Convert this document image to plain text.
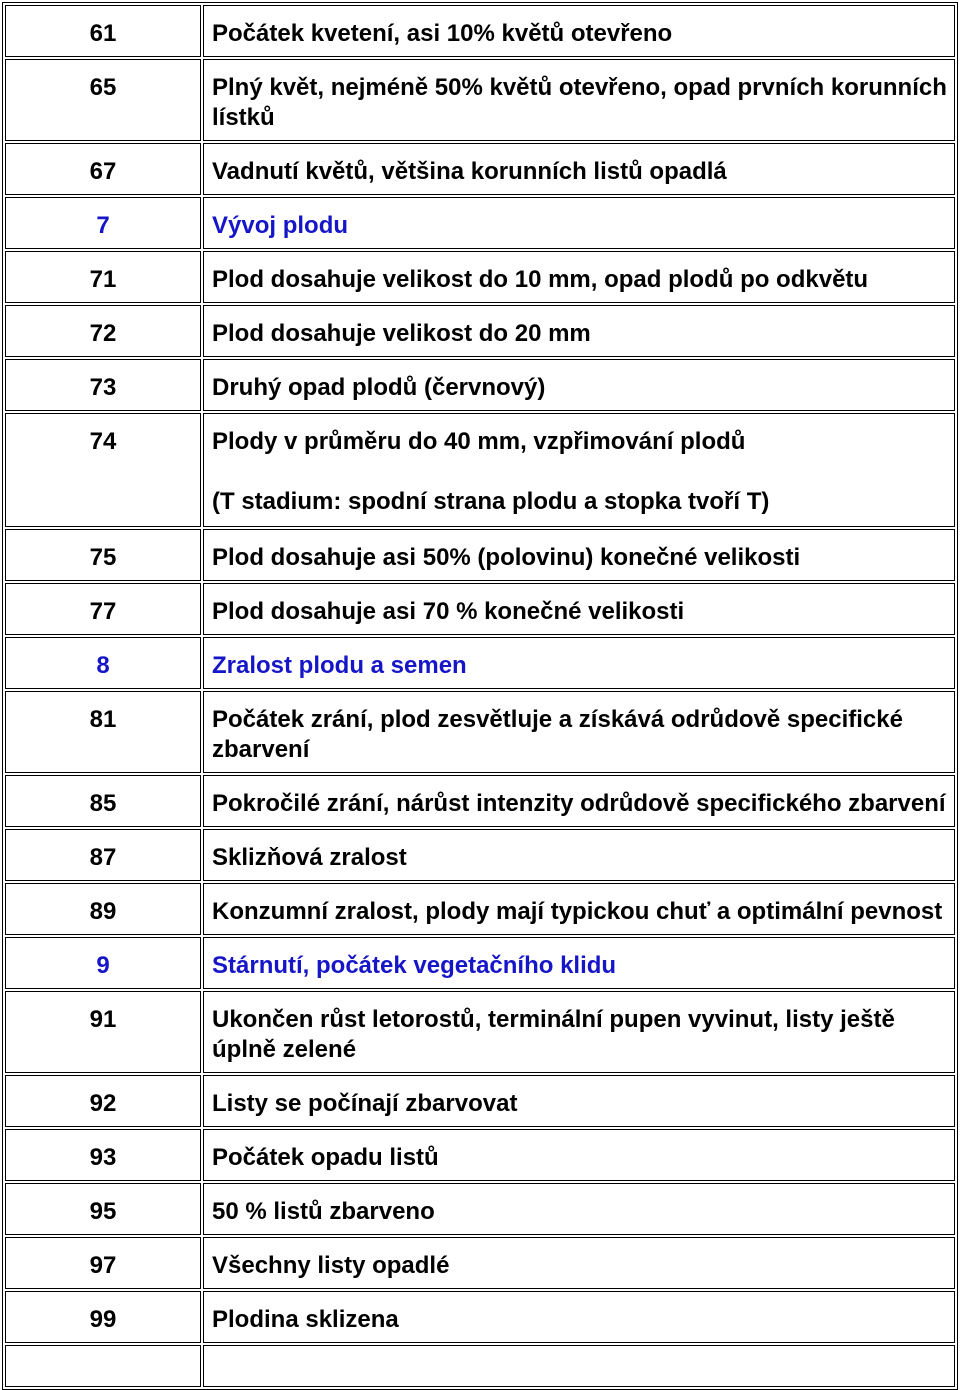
61	Počátek kvetení, asi 10% květů otevřeno
65	Plný květ, nejméně 50% květů otevřeno, opad prvních korunních lístků
67	Vadnutí květů, většina korunních listů opadlá
7	Vývoj plodu
71	Plod dosahuje velikost do 10 mm, opad plodů po odkvětu
72	Plod dosahuje velikost do 20 mm
73	Druhý opad plodů (červnový)
74	Plody v průměru do 40 mm, vzpřimování plodů
(T stadium: spodní strana plodu a stopka tvoří T)

75	Plod dosahuje asi 50% (polovinu) konečné velikosti
77	Plod dosahuje asi 70 % konečné velikosti
8	Zralost plodu a semen
81	Počátek zrání, plod zesvětluje a získává odrůdově specifické zbarvení
85	Pokročilé zrání, nárůst intenzity odrůdově specifického zbarvení
87	Sklizňová zralost
89	Konzumní zralost, plody mají typickou chuť a optimální pevnost
9	Stárnutí, počátek vegetačního klidu
91	Ukončen růst letorostů, terminální pupen vyvinut, listy ještě úplně zelené
92	Listy se počínají zbarvovat
93	Počátek opadu listů
95	50 % listů zbarveno
97	Všechny listy opadlé
99	Plodina sklizena
